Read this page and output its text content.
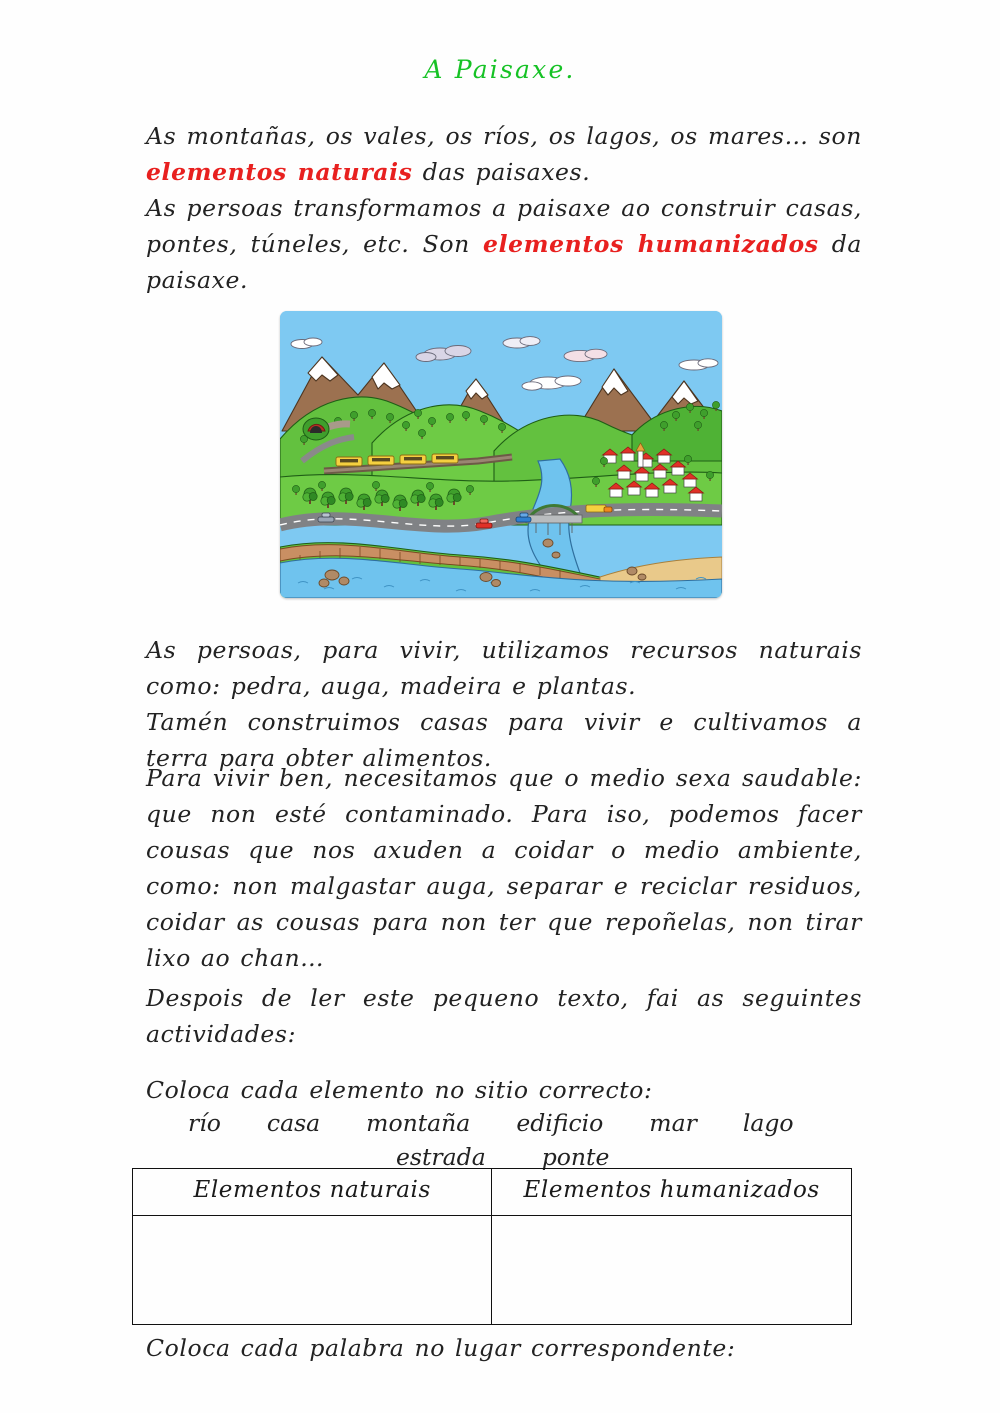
A Paisaxe.
As montañas, os vales, os ríos, os lagos, os mares… son elementos naturais das paisaxes.
As persoas transformamos a paisaxe ao construir casas, pontes, túneles, etc. Son elementos humanizados da paisaxe.
As persoas, para vivir, utilizamos recursos naturais como: pedra, auga, madeira e plantas.
Tamén construimos casas para vivir e cultivamos a terra para obter alimentos.
Para vivir ben, necesitamos que o medio sexa saudable: que non esté contaminado. Para iso, podemos facer cousas que nos axuden a coidar o medio ambiente, como: non malgastar auga, separar e reciclar residuos, coidar as cousas para non ter que repoñelas, non tirar lixo ao chan…
Despois de ler este pequeno texto, fai as seguintes actividades:
Coloca cada elemento no sitio correcto:
río casa montaña edificio mar lago
estrada ponte
Elementos naturais	Elementos humanizados

Coloca cada palabra no lugar correspondente:
